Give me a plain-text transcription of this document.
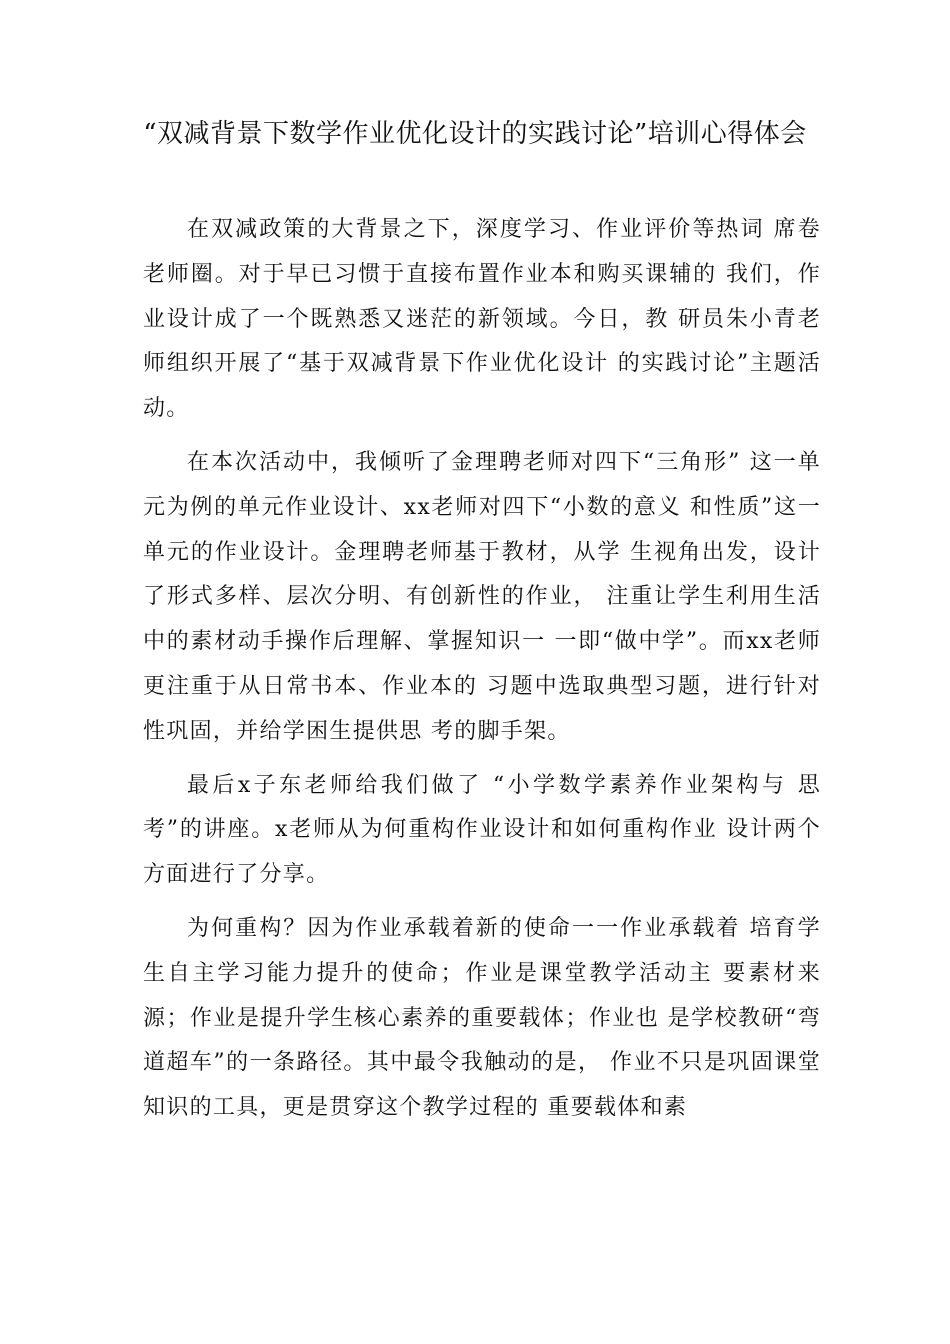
“双减背景下数学作业优化设计的实践讨论”培训心得体会

在双减政策的大背景之下，深度学习、作业评价等热词 席卷老师圈。对于早已习惯于直接布置作业本和购买课辅的 我们，作业设计成了一个既熟悉又迷茫的新领域。今日，教 研员朱小青老师组织开展了“基于双减背景下作业优化设计 的实践讨论”主题活动。

在本次活动中，我倾听了金理聘老师对四下“三角形” 这一单元为例的单元作业设计、xx老师对四下“小数的意义 和性质”这一单元的作业设计。金理聘老师基于教材，从学 生视角出发，设计了形式多样、层次分明、有创新性的作业， 注重让学生利用生活中的素材动手操作后理解、掌握知识一 一即“做中学”。而xx老师更注重于从日常书本、作业本的 习题中选取典型习题，进行针对性巩固，并给学困生提供思 考的脚手架。

最后x子东老师给我们做了 “小学数学素养作业架构与 思考”的讲座。x老师从为何重构作业设计和如何重构作业 设计两个方面进行了分享。

为何重构？因为作业承载着新的使命一一作业承载着 培育学生自主学习能力提升的使命；作业是课堂教学活动主 要素材来源；作业是提升学生核心素养的重要载体；作业也 是学校教研“弯道超车”的一条路径。其中最令我触动的是， 作业不只是巩固课堂知识的工具，更是贯穿这个教学过程的 重要载体和素
